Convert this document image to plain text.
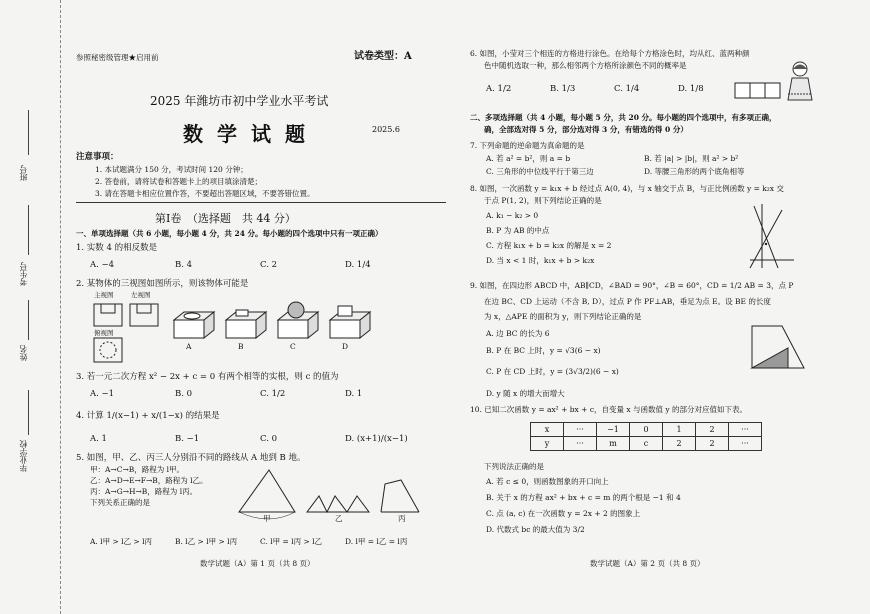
班号
考生号
姓名
毕业学校
参照秘密级管理★启用前	试卷类型：A
2025 年潍坊市初中学业水平考试
数学试题	2025.6
注意事项：
1. 本试题满分 150 分，考试时间 120 分钟；
2. 答卷前，请将试卷和答题卡上的项目填涂清楚；
3. 请在答题卡相应位置作答，不要超出答题区域，不要答错位置。
第Ⅰ卷　（选择题　共 44 分）
一、单项选择题（共 6 小题，每小题 4 分，共 24 分。每小题的四个选项中只有一项正确）
1. 实数 4 的相反数是
A. −4	B. 4	C. 2	D. 1/4
2. 某物体的三视图如图所示，则该物体可能是
主视图	左视图
俯视图
A	B	C	D
3. 若一元二次方程 x² − 2x + c = 0 有两个相等的实根，则 c 的值为
A. −1	B. 0	C. 1/2	D. 1
4. 计算 1/(x−1) + x/(1−x) 的结果是
A. 1	B. −1	C. 0	D. (x+1)/(x−1)
5. 如图，甲、乙、丙三人分别沿不同的路线从 A 地到 B 地。
甲：A→C→B，路程为 l甲。
乙：A→D→E→F→B，路程为 l乙。
丙：A→G→H→B，路程为 l丙。
下列关系正确的是
甲	乙	丙
A. l甲 > l乙 > l丙	B. l乙 > l甲 > l丙	C. l甲 = l丙 > l乙	D. l甲 = l乙 = l丙
数学试题（A）第 1 页（共 8 页）
6. 如图，小莹对三个相连的方格进行涂色。在给每个方格涂色时，均从红、蓝两种颜
色中随机选取一种，那么相邻两个方格所涂颜色不同的概率是
A. 1/2	B. 1/3	C. 1/4	D. 1/8
二、多项选择题（共 4 小题，每小题 5 分，共 20 分。每小题的四个选项中，有多项正确，
确，全部选对得 5 分，部分选对得 3 分，有错选的得 0 分）
7. 下列命题的逆命题为真命题的是
A. 若 a² = b²，则 a = b	B. 若 |a| > |b|，则 a² > b²
C. 三角形的中位线平行于第三边	D. 等腰三角形的两个底角相等
8. 如图，一次函数 y = k₁x + b 经过点 A(0, 4)，与 x 轴交于点 B，与正比例函数 y = k₂x 交
于点 P(1, 2)，则下列结论正确的是
A. k₁ − k₂ > 0
B. P 为 AB 的中点
C. 方程 k₁x + b = k₂x 的解是 x = 2
D. 当 x < 1 时，k₁x + b > k₂x
9. 如图，在四边形 ABCD 中，AB∥CD，∠BAD = 90°，∠B = 60°，CD = 1/2 AB = 3，点 P
在边 BC、CD 上运动（不含 B, D），过点 P 作 PF⊥AB，垂足为点 E。设 BE 的长度
为 x，△APE 的面积为 y，则下列结论正确的是
A. 边 BC 的长为 6
B. P 在 BC 上时，y = √3(6 − x)
C. P 在 CD 上时，y = (3√3/2)(6 − x)
D. y 随 x 的增大而增大
10. 已知二次函数 y = ax² + bx + c，自变量 x 与函数值 y 的部分对应值如下表。
x	···	−1	0	1	2	···
y	···	m	c	2	2	···
下列说法正确的是
A. 若 c ≤ 0，则函数图象的开口向上
B. 关于 x 的方程 ax² + bx + c = m 的两个根是 −1 和 4
C. 点 (a, c) 在一次函数 y = 2x + 2 的图象上
D. 代数式 bc 的最大值为 3/2
数学试题（A）第 2 页（共 8 页）
